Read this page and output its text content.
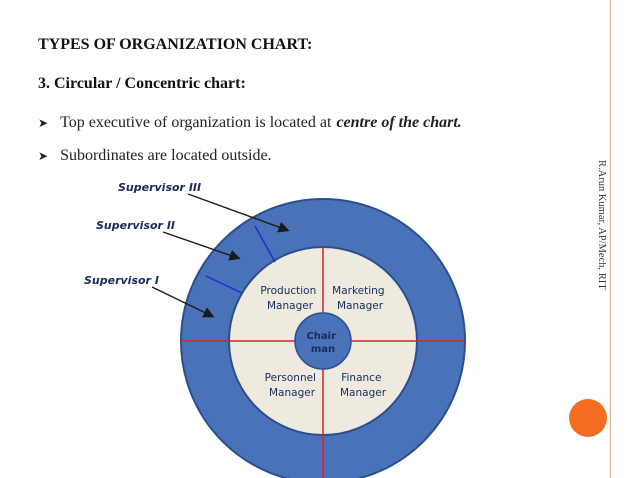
R.Arun Kumar, AP/Mech, RIT
TYPES OF ORGANIZATION CHART:
3. Circular / Concentric chart:
➤ Top executive of organization is located at centre of the chart.
➤ Subordinates are located outside.
Chair man
Production Manager
Marketing Manager
Personnel Manager
Finance Manager
Supervisor III
Supervisor II
Supervisor I
